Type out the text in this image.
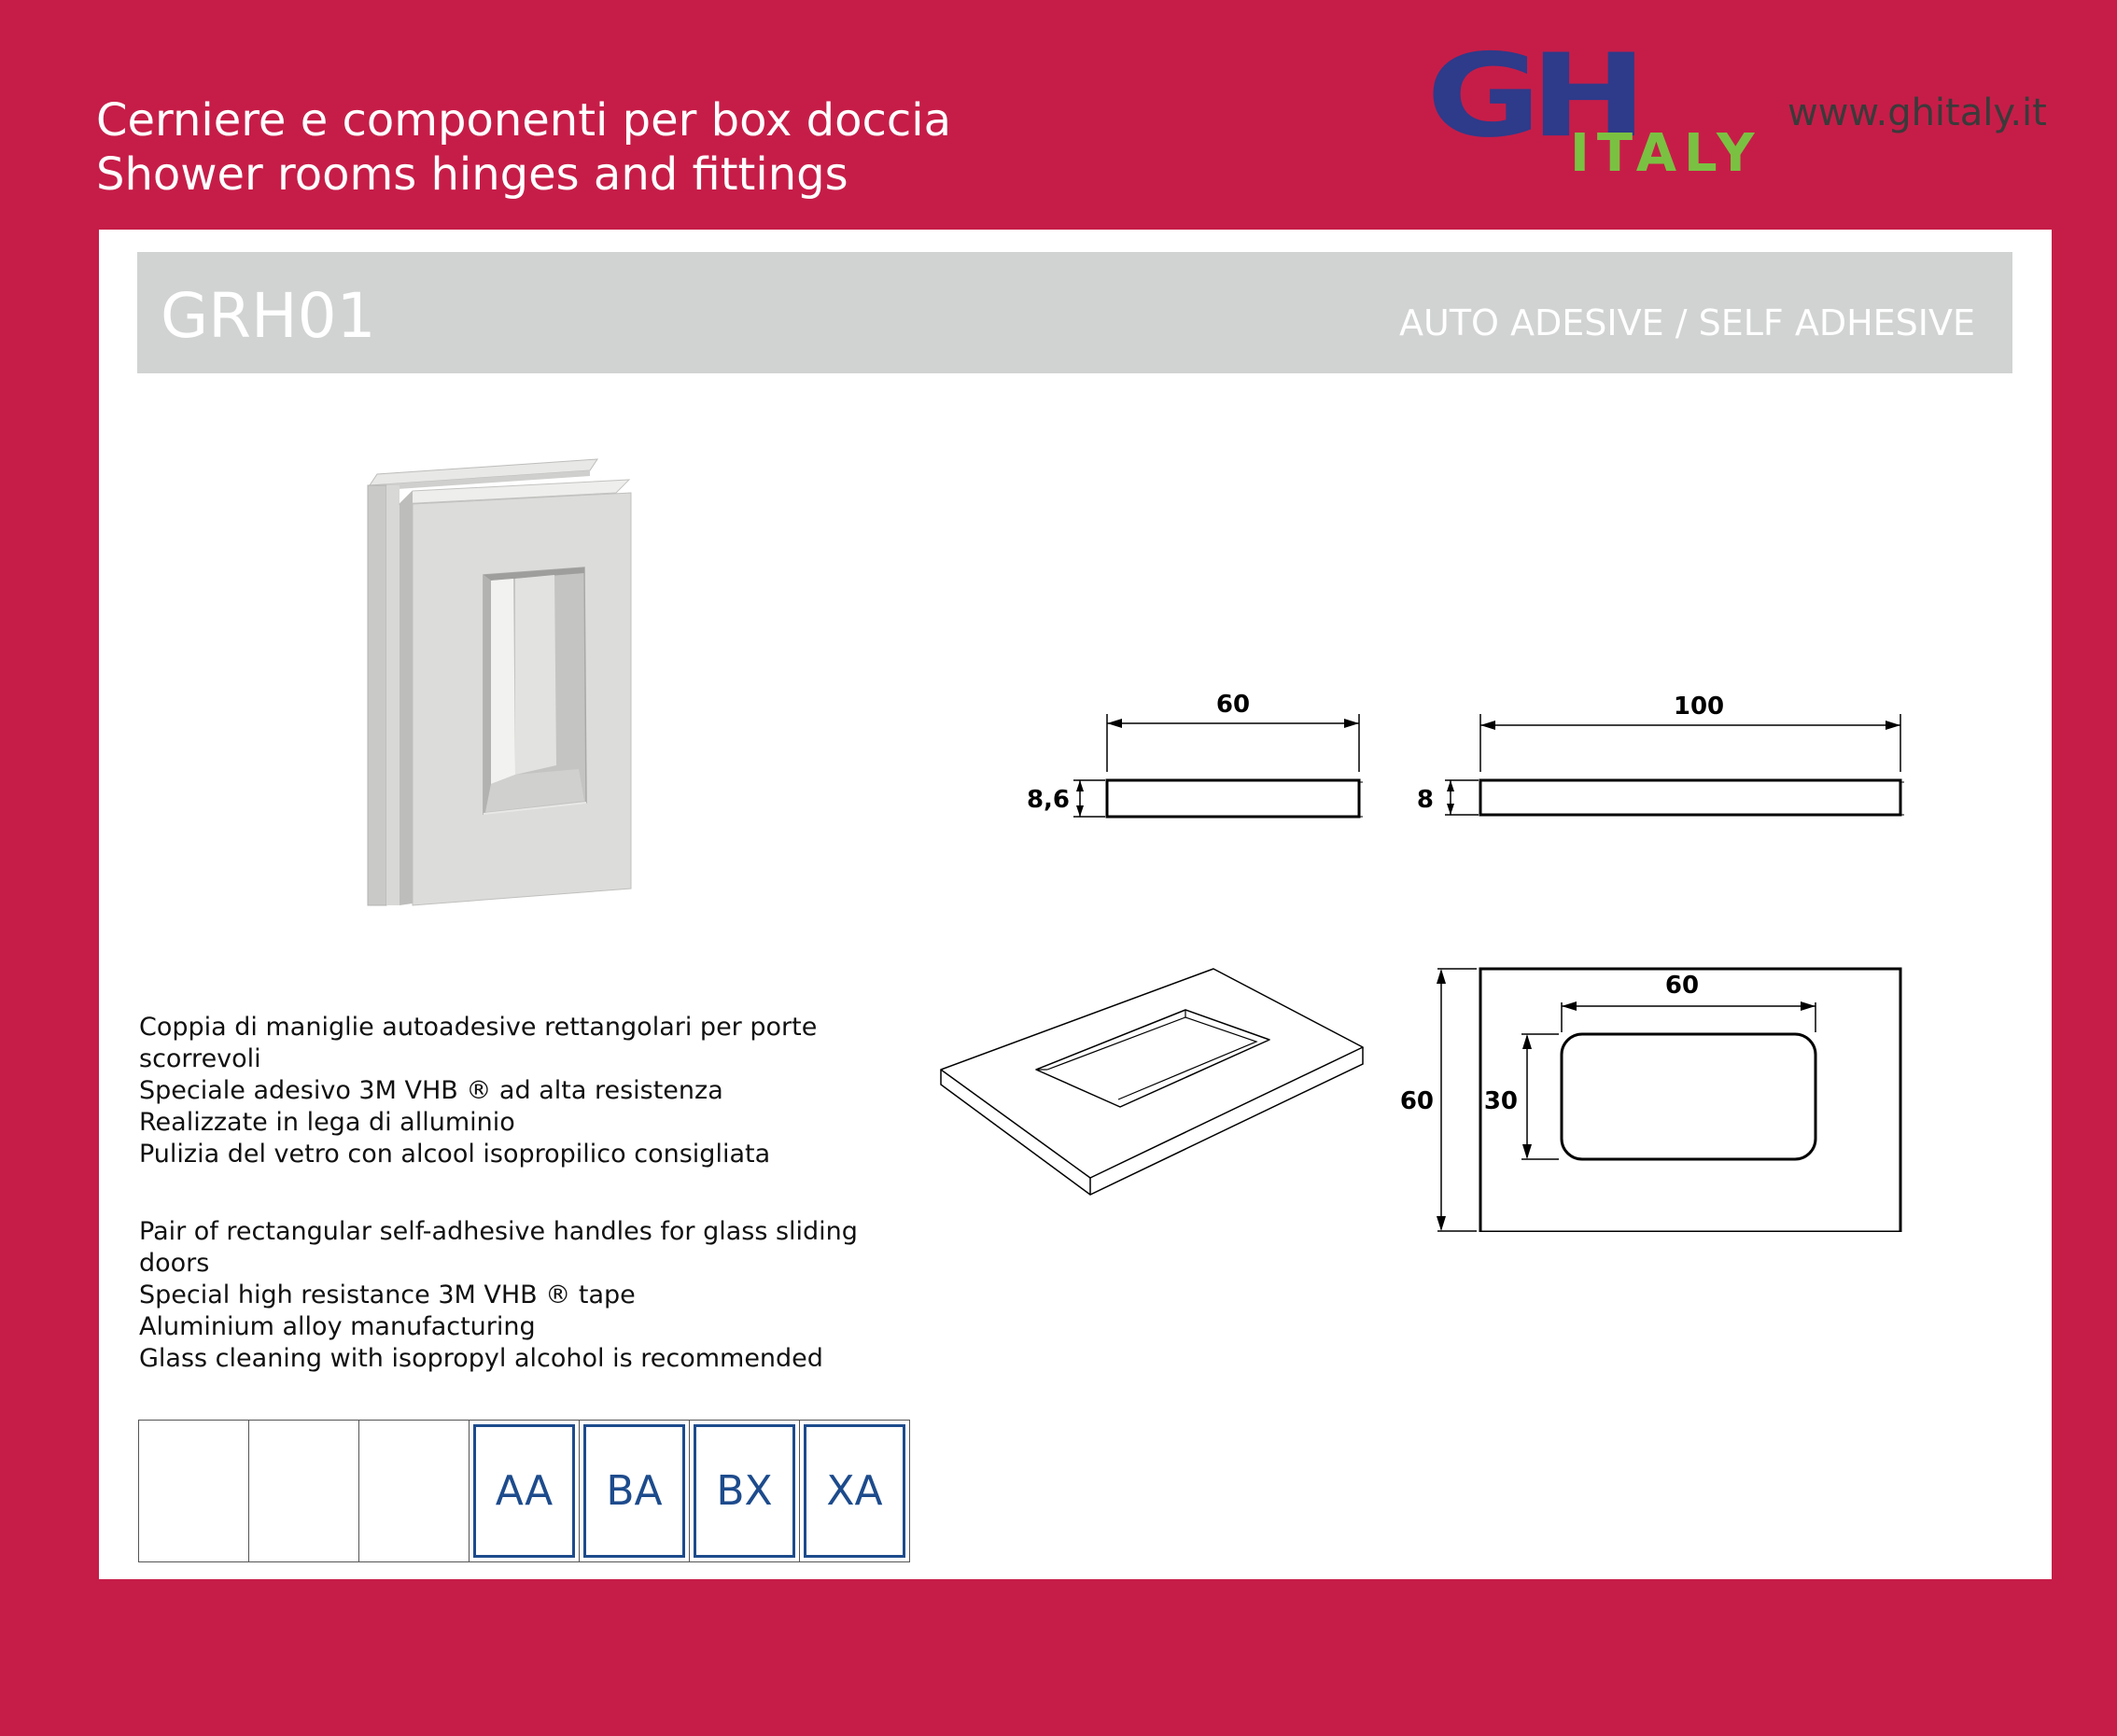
Cerniere e componenti per box doccia
Shower rooms hinges and fittings
GH
ITALY
www.ghitaly.it
GRH01	AUTO ADESIVE / SELF ADHESIVE
60
8,6
100
8
60
60
30

Coppia di maniglie autoadesive rettangolari per porte

scorrevoli

Speciale adesivo 3M VHB ® ad alta resistenza

Realizzate in lega di alluminio

Pulizia del vetro con alcool isopropilico consigliata

Pair of rectangular self-adhesive handles for glass sliding

doors

Special high resistance 3M VHB ® tape

Aluminium alloy manufacturing

Glass cleaning with isopropyl alcohol is recommended

AA	BA	BX	XA
